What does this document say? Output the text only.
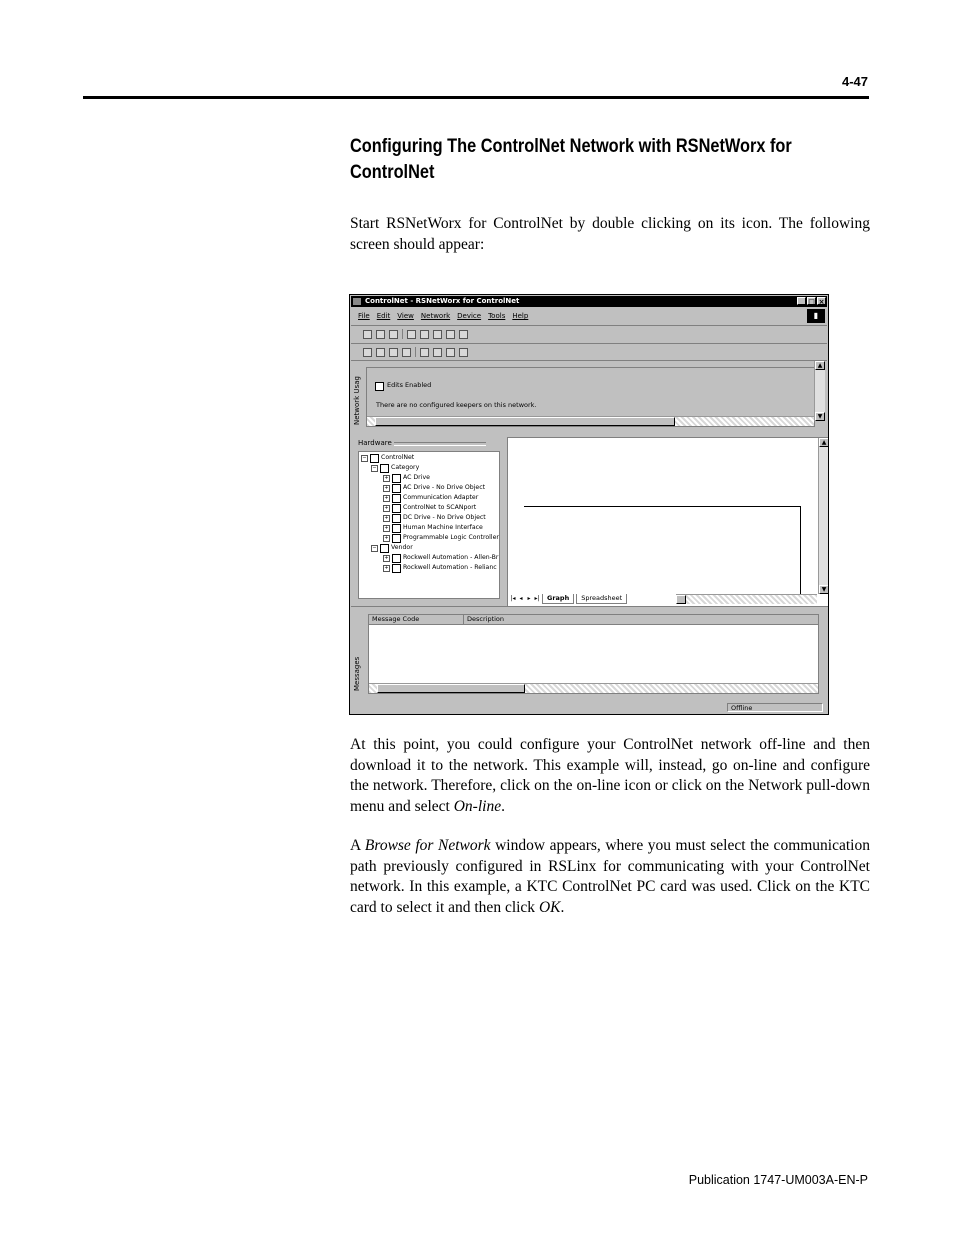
4-47
Configuring The ControlNet Network with RSNetWorx for ControlNet
Start RSNetWorx for ControlNet by double clicking on its icon. The following screen should appear:
ControlNet - RSNetWorx for ControlNet	_ □ ×
File Edit View Network Device Tools Help	▮
Network Usag	Edits Enabled
There are no configured keepers on this network.
▲
▼
Hardware
− ControlNet
− Category
+ AC Drive
+ AC Drive - No Drive Object
+ Communication Adapter
+ ControlNet to SCANport
+ DC Drive - No Drive Object
+ Human Machine Interface
+ Programmable Logic Controller
− Vendor
+ Rockwell Automation - Allen-Br
+ Rockwell Automation - Relianc
▲
▼
|◂ ◂ ▸ ▸|	Graph	Spreadsheet
Messages
Message Code	Description
Offline
At this point, you could configure your ControlNet network off-line and then download it to the network. This example will, instead, go on-line and configure the network. Therefore, click on the on-line icon or click on the Network pull-down menu and select On-line.
A Browse for Network window appears, where you must select the communication path previously configured in RSLinx for communicating with your ControlNet network. In this example, a KTC ControlNet PC card was used. Click on the KTC card to select it and then click OK.
Publication 1747-UM003A-EN-P
